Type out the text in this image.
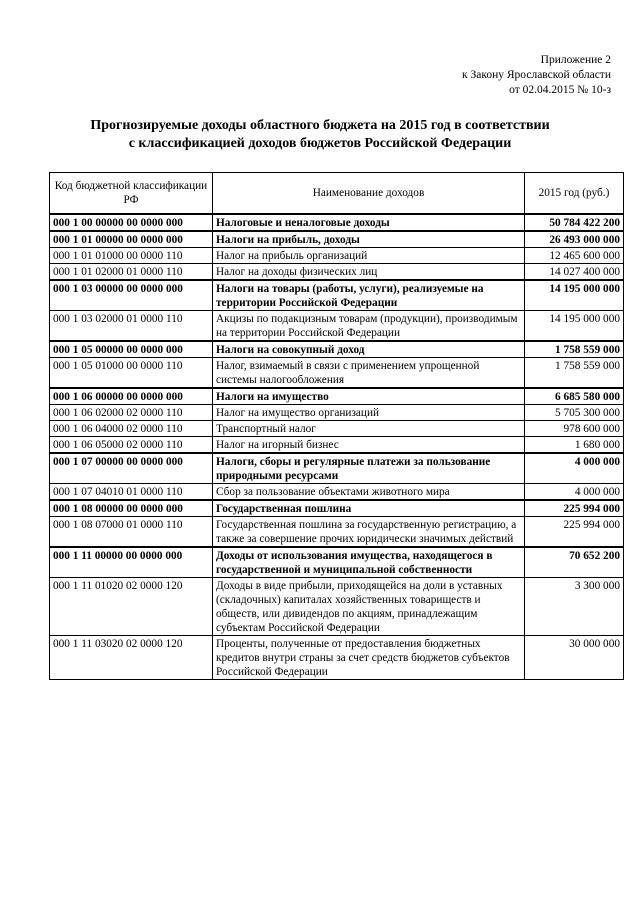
Приложение 2
к Закону Ярославской области
от 02.04.2015 № 10-з
Прогнозируемые доходы областного бюджета на 2015 год в соответствии
с классификацией доходов бюджетов Российской Федерации
Код бюджетной классификации РФ	Наименование доходов	2015 год (руб.)
000 1 00 00000 00 0000 000	Налоговые и неналоговые доходы	50 784 422 200
000 1 01 00000 00 0000 000	Налоги на прибыль, доходы	26 493 000 000
000 1 01 01000 00 0000 110	Налог на прибыль организаций	12 465 600 000
000 1 01 02000 01 0000 110	Налог на доходы физических лиц	14 027 400 000
000 1 03 00000 00 0000 000	Налоги на товары (работы, услуги), реализуемые на территории Российской Федерации	14 195 000 000
000 1 03 02000 01 0000 110	Акцизы по подакцизным товарам (продукции), производимым на территории Российской Федерации	14 195 000 000
000 1 05 00000 00 0000 000	Налоги на совокупный доход	1 758 559 000
000 1 05 01000 00 0000 110	Налог, взимаемый в связи с применением упрощенной системы налогообложения	1 758 559 000
000 1 06 00000 00 0000 000	Налоги на имущество	6 685 580 000
000 1 06 02000 02 0000 110	Налог на имущество организаций	5 705 300 000
000 1 06 04000 02 0000 110	Транспортный налог	978 600 000
000 1 06 05000 02 0000 110	Налог на игорный бизнес	1 680 000
000 1 07 00000 00 0000 000	Налоги, сборы и регулярные платежи за пользование природными ресурсами	4 000 000
000 1 07 04010 01 0000 110	Сбор за пользование объектами животного мира	4 000 000
000 1 08 00000 00 0000 000	Государственная пошлина	225 994 000
000 1 08 07000 01 0000 110	Государственная пошлина за государственную регистрацию, а также за совершение прочих юридически значимых действий	225 994 000
000 1 11 00000 00 0000 000	Доходы от использования имущества, находящегося в государственной и муниципальной собственности	70 652 200
000 1 11 01020 02 0000 120	Доходы в виде прибыли, приходящейся на доли в уставных (складочных) капиталах хозяйственных товариществ и обществ, или дивидендов по акциям, принадлежащим субъектам Российской Федерации	3 300 000
000 1 11 03020 02 0000 120	Проценты, полученные от предоставления бюджетных кредитов внутри страны за счет средств бюджетов субъектов Российской Федерации	30 000 000
